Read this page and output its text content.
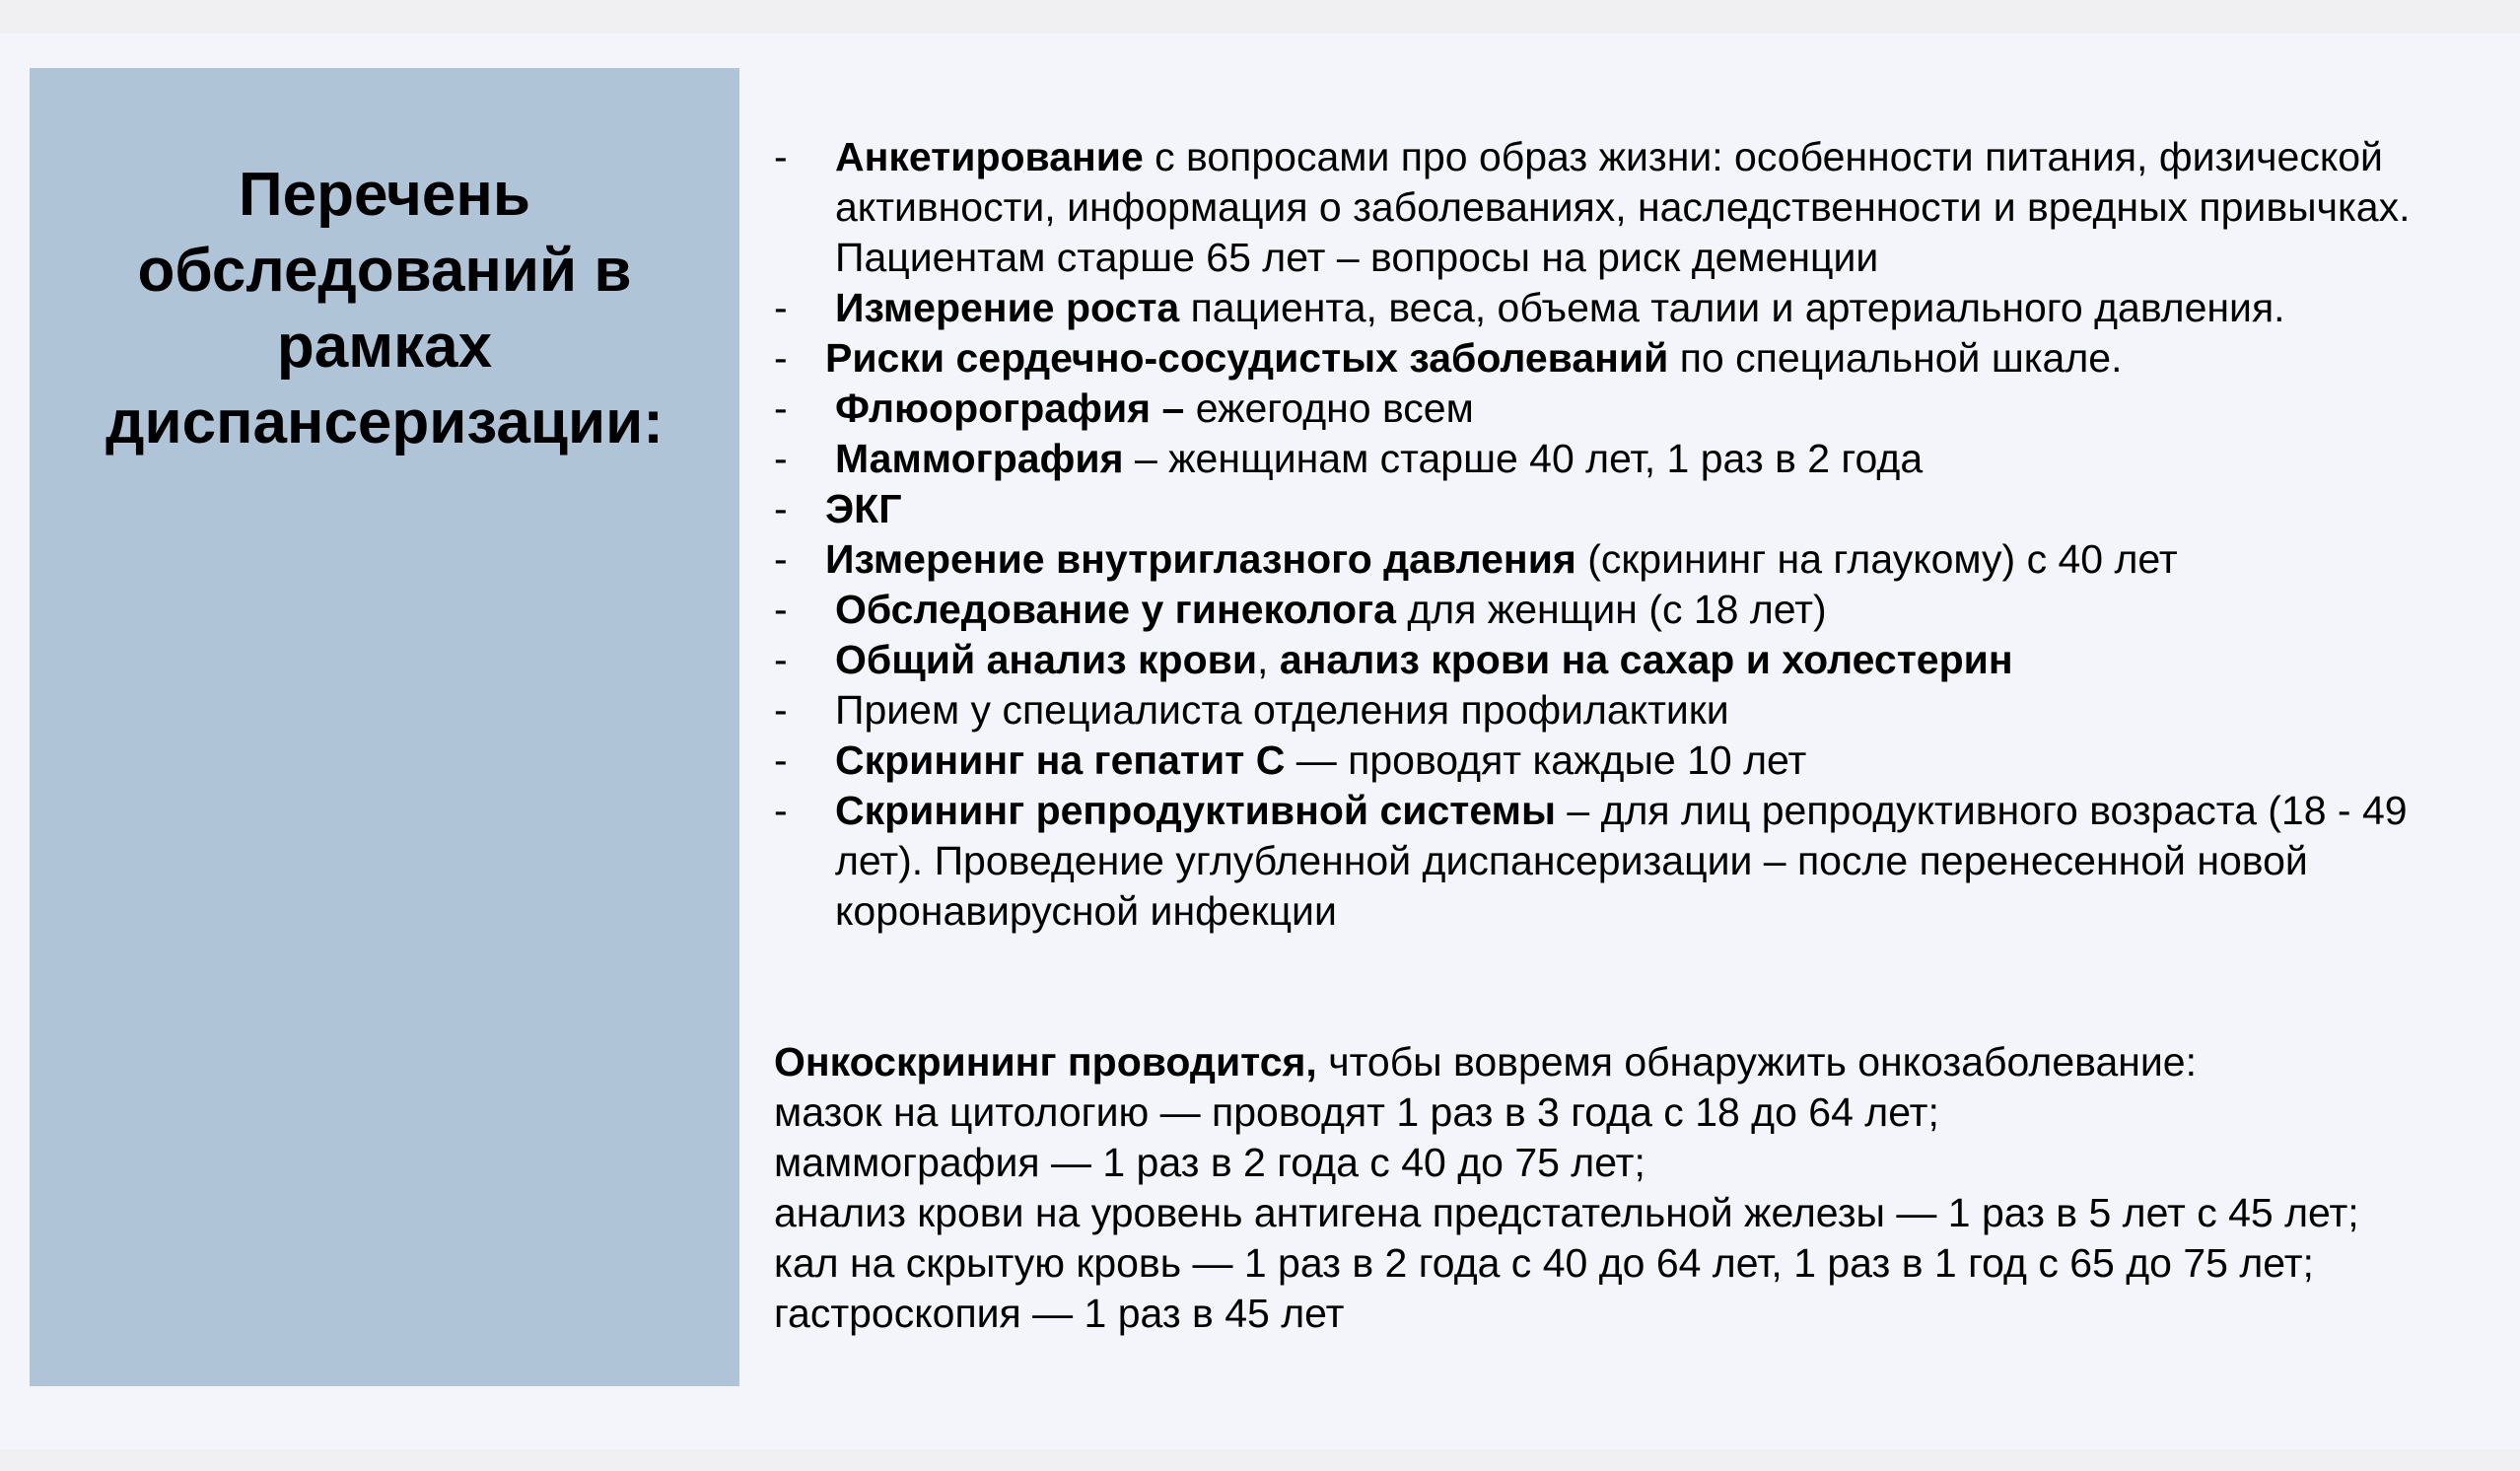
Перечень
обследований в
рамках
диспансеризации:
- Анкетирование с вопросами про образ жизни: особенности питания, физической активности, информация о заболеваниях, наследственности и вредных привычках. Пациентам старше 65 лет – вопросы на риск деменции
- Измерение роста пациента, веса, объема талии и артериального давления.
- Риски сердечно-сосудистых заболеваний по специальной шкале.
- Флюорография – ежегодно всем
- Маммография – женщинам старше 40 лет, 1 раз в 2 года
- ЭКГ
- Измерение внутриглазного давления (скрининг на глаукому) с 40 лет
- Обследование у гинеколога для женщин (с 18 лет)
- Общий анализ крови, анализ крови на сахар и холестерин
- Прием у специалиста отделения профилактики
- Скрининг на гепатит С — проводят каждые 10 лет
- Скрининг репродуктивной системы – для лиц репродуктивного возраста (18 - 49 лет). Проведение углубленной диспансеризации – после перенесенной новой коронавирусной инфекции
Онкоскрининг проводится, чтобы вовремя обнаружить онкозаболевание:
мазок на цитологию — проводят 1 раз в 3 года с 18 до 64 лет;
маммография — 1 раз в 2 года с 40 до 75 лет;
анализ крови на уровень антигена предстательной железы — 1 раз в 5 лет с 45 лет;
кал на скрытую кровь — 1 раз в 2 года с 40 до 64 лет, 1 раз в 1 год с 65 до 75 лет;
гастроскопия — 1 раз в 45 лет
